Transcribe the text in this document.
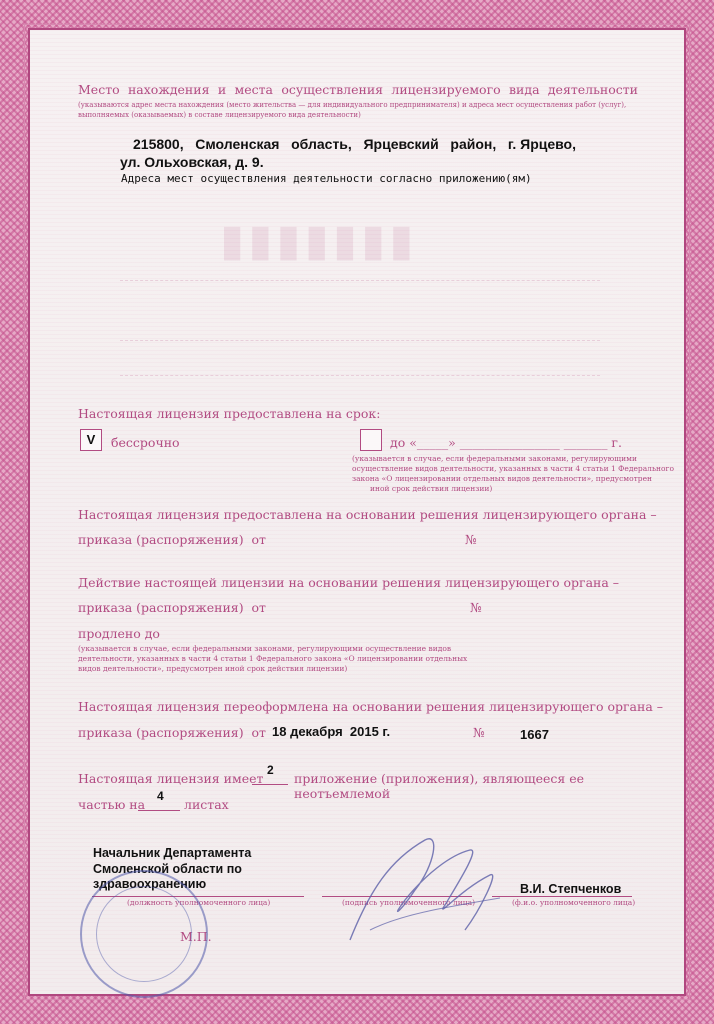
▮▮▮▮▮▮▮
Место нахождения и места осуществления лицензируемого вида деятельности
(указываются адрес места нахождения (место жительства — для индивидуального предпринимателя) и адреса мест осуществления работ (услуг),
выполняемых (оказываемых) в составе лицензируемого вида деятельности)
215800,   Смоленская   область,   Ярцевский   район,   г. Ярцево,
ул. Ольховская, д. 9.
Адреса мест осуществления деятельности согласно приложению(ям)
Настоящая лицензия предоставлена на срок:
V	бессрочно	до «_____» ________________ _______ г.
(указывается в случае, если федеральными законами, регулирующими
осуществление видов деятельности, указанных в части 4 статьи 1 Федерального
закона «О лицензировании отдельных видов деятельности», предусмотрен
иной срок действия лицензии)
Настоящая лицензия предоставлена на основании решения лицензирующего органа –
приказа (распоряжения)  от	№
Действие настоящей лицензии на основании решения лицензирующего органа –
приказа (распоряжения)  от	№
продлено до
(указывается в случае, если федеральными законами, регулирующими осуществление видов
деятельности, указанных в части 4 статьи 1 Федерального закона «О лицензировании отдельных
видов деятельности», предусмотрен иной срок действия лицензии)
Настоящая лицензия переоформлена на основании решения лицензирующего органа –
приказа (распоряжения)  от 18 декабря  2015 г.	№	1667
Настоящая лицензия имеет
2
приложение (приложения), являющееся ее неотъемлемой
частью на
4
листах
Начальник Департамента
Смоленской области по
здравоохранению
(должность уполномоченного лица)	(подпись уполномоченного лица)
В.И. Степченков
(ф.и.о. уполномоченного лица)
М.П.
